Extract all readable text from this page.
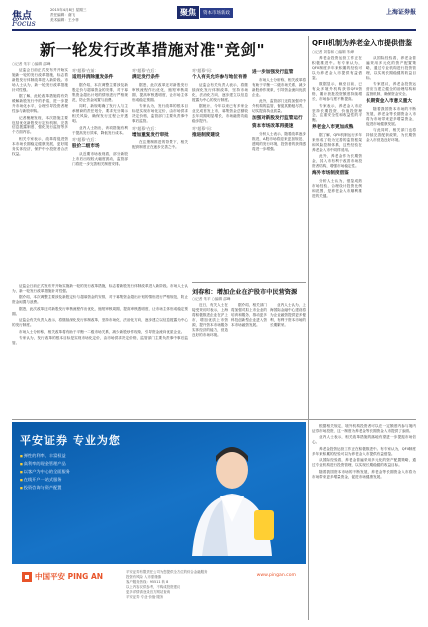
焦点
2015年4月8日 星期三
责任编辑：谢飞
美术编辑：王小菲
Focus
聚焦	资本市场新政	上海证券报
新一轮发行改革措施对准"竞剑"
○记者 朱宇 ○编辑 邵峰

证监会日前正式发布并开始实施新一轮的发行改革措施，标志着新股发行体制改革进入新阶段。市场人士认为，新一轮发行改革措施针对性强。

据了解，此轮改革措施将有效缓解新股发行中的矛盾，进一步提升市场化水平，合理引导投资者理性参与新股申购。

记者梳理发现，本次措施主要包括优化新股发行定价机制、完善信息披露制度、强化发行监管等多个方面内容。

相关专家表示，改革将促进资本市场长期稳定健康发展，更好服务实体经济，保护中小投资者合法权益。

对"超募"在前：
适用并消除重发条件

据介绍，本次调整主要涉及新股定价与超募资金的安排，对于募集资金超出计划的情形进行严格规范，防止资金闲置与浪费。

同时，新规明确了发行人与主承销商的责任划分，要求充分揭示相关风险，确保发行过程公开透明。

业内人士指出，该项措施有利于提高发行效率，降低发行成本。

对"超募"在后：
股价二级市场

从近期市场表现看，部分新股上市后出现较大幅度波动，监管部门将进一步完善相关制度安排。

对"超募"在后：
满足发行条件

据悉，此次改革还对新股发行审核流程作出优化，缩短审核周期，提高审核透明度，让市场主体形成稳定预期。

专家认为，发行改革的根本目标是实现市场化定价，由市场供求决定价格，监管部门主要负责事中事后监管。

对"超募"在后：
增加重复发行审批

在注册制推进的背景下，相关配套制度正在逐步完善之中。

对"超募"问：
个人有关允许参与地位有善

证监会有关负责人表示，将继续深化发行体制改革，坚持市场化、法治化方向，逐步建立以信息披露为中心的发行制度。

据统计，今年以来已有多家企业完成首发上市，募集资金总额较去年同期明显增长，市场融资功能稳步提升。

对"超募"问：
推进制度建设
进一步加强发行监管

市场人士分析称，相关改革将有助于平衡一二级市场关系，减少新股炒作现象，引导资金流向优质企业。

此外，监管部门还将加强对中介机构的监管，督促其勤勉尽责，切实提高执业质量。

加强对新股发行监管运行
资本市场改革再提速

分析人士表示，随着改革逐步推进，A股市场将迎来更加规范、透明的发行环境，投资者的获得感将进一步增强。

刘春和：增加企业在沪股市中民营资源
○记者 朱平 ○编辑 邵峰

近日，有关人士在接受采访时表示，上海将积极推进企业在沪上市，增加优质上市资源，提升资本市场服务实体经济的能力，营造良好的市场环境。

据介绍，相关部门将加强对拟上市企业的培育和服务，推动更多科技创新型企业进入资本市场融资发展。

业内人士认为，上海国际金融中心建设将为企业融资提供更多便利，有利于资本市场的长期繁荣。

证监会日前正式发布并开始实施新一轮的发行改革措施，标志着新股发行体制改革进入新阶段。市场人士认为，新一轮发行改革措施针对性强。

据介绍，本次调整主要涉及新股定价与超募资金的安排，对于募集资金超出计划的情形进行严格规范，防止资金闲置与浪费。

据悉，此次改革还对新股发行审核流程作出优化，缩短审核周期，提高审核透明度，让市场主体形成稳定预期。

证监会有关负责人表示，将继续深化发行体制改革，坚持市场化、法治化方向，逐步建立以信息披露为中心的发行制度。

市场人士分析称，相关改革将有助于平衡一二级市场关系，减少新股炒作现象，引导资金流向优质企业。

专家认为，发行改革的根本目标是实现市场化定价，由市场供求决定价格，监管部门主要负责事中事后监管。

QFII机制为养老金入市提供借鉴
○记者 刘春和 ○编辑 朱峰

养老金投资运营工作正在积极推进中。有专家认为，QFII制度多年来积累的经验可以为养老金入市提供有益借鉴。

数据显示，截至目前，已有众多境外机构获得QFII资格，累计获批投资额度持续增长，市场参与度不断提高。

专家表示，养老金入市应坚持长期投资、价值投资理念，注重安全性和收益性的平衡。

养老金入市更加成熟

据了解，QFII机制运行多年来形成了较为完善的监管框架和风险控制体系，这些经验在养老金入市中同样适用。

此外，养老金作为长期资金，其入市有利于改善市场投资者结构，增强市场稳定性。

海外市场制度借鉴

分析人士认为，借鉴成熟市场经验，合理设计投资比例和范围，是养老金入市顺利推进的关键。

从国际经验看，养老金普遍采用多元化的资产配置策略，通过专业机构进行投资管理，以实现长期稳健的收益目标。

专家建议，养老金投资运营应当建立健全的治理结构和监督机制，确保资金安全。

长期资金入市意义重大

随着我国资本市场的不断发展，养老金等长期资金入市将为市场带来更多增量资金，促进市场健康发展。

与此同时，相关部门也将持续完善配套政策，为长期资金入市营造良好环境。

平安证券 专业为您
■ 弹性的利率、丰富权益
■ 高利率的现金管理产品
■ 以客户为中心的全面服务
■ 在线开户一站式服务
■ 投资咨询与资产配置
中国平安 PING AN	平安证券有限责任公司为您提供全方位的综合金融服务
投资有风险 入市需谨慎
客户服务热线：95511 转 8
以上内容仅供参考，不构成投资建议
更多详情请登录官方网站查询
平安证券 专业·价值·服务
www.pingan.com

根据相关规定，境外机构投资者可以在一定额度内参与境内证券市场投资，这一制度为养老金等长期资金入市提供了参照。

业内人士表示，相关改革措施的落地有望进一步提振市场信心。

养老金投资运营工作正在积极推进中。有专家认为，QFII制度多年来积累的经验可以为养老金入市提供有益借鉴。

从国际经验看，养老金普遍采用多元化的资产配置策略，通过专业机构进行投资管理，以实现长期稳健的收益目标。

随着我国资本市场的不断发展，养老金等长期资金入市将为市场带来更多增量资金，促进市场健康发展。
